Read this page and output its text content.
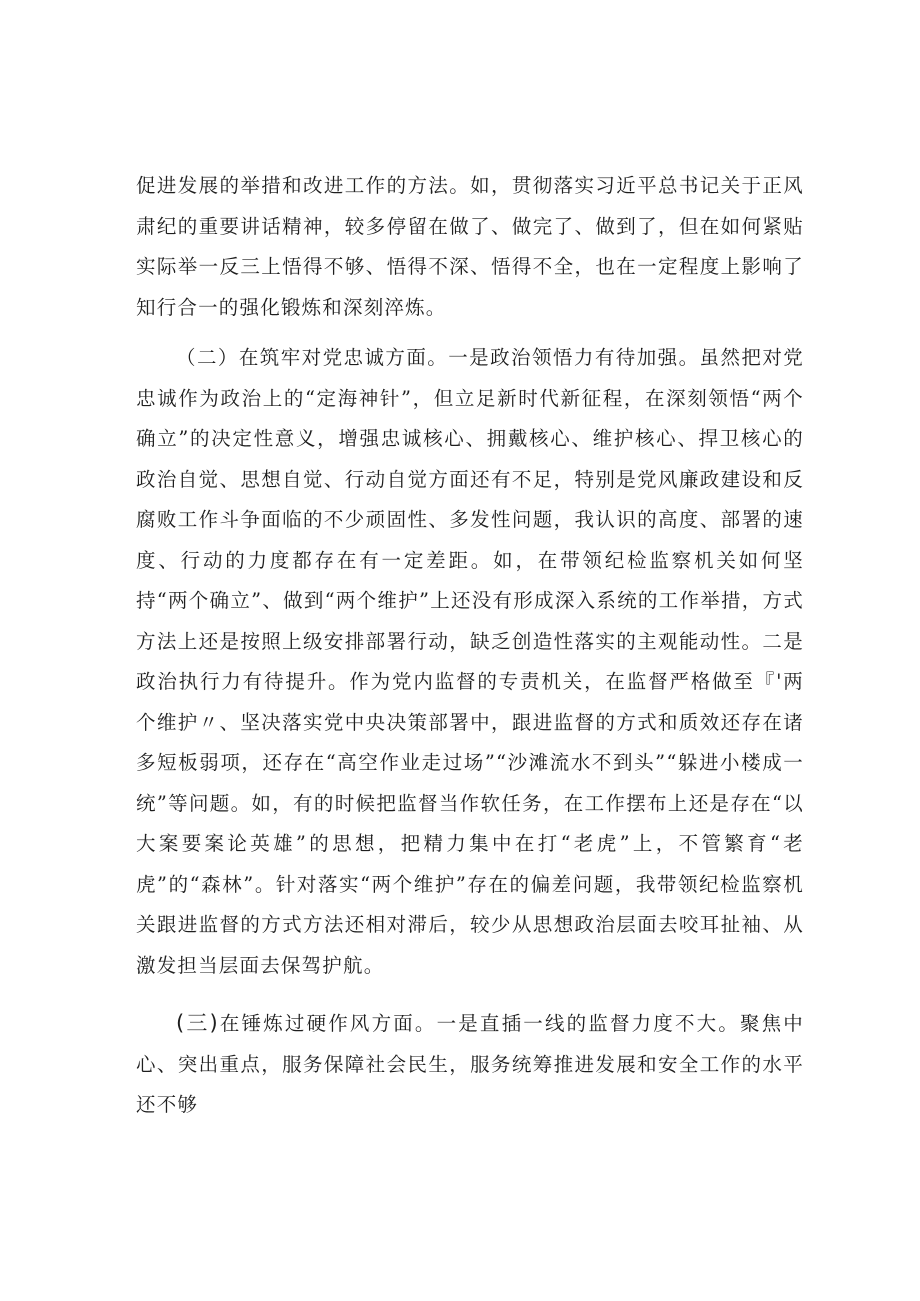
促进发展的举措和改进工作的方法。如，贯彻落实习近平总书记关于正风肃纪的重要讲话精神，较多停留在做了、做完了、做到了，但在如何紧贴实际举一反三上悟得不够、悟得不深、悟得不全，也在一定程度上影响了知行合一的强化锻炼和深刻淬炼。

（二）在筑牢对党忠诚方面。一是政治领悟力有待加强。虽然把对党忠诚作为政治上的“定海神针”，但立足新时代新征程，在深刻领悟“两个确立”的决定性意义，增强忠诚核心、拥戴核心、维护核心、捍卫核心的政治自觉、思想自觉、行动自觉方面还有不足，特别是党风廉政建设和反腐败工作斗争面临的不少顽固性、多发性问题，我认识的高度、部署的速度、行动的力度都存在有一定差距。如，在带领纪检监察机关如何坚持“两个确立”、做到“两个维护”上还没有形成深入系统的工作举措，方式方法上还是按照上级安排部署行动，缺乏创造性落实的主观能动性。二是政治执行力有待提升。作为党内监督的专责机关，在监督严格做至『'两个维护〃、坚决落实党中央决策部署中，跟进监督的方式和质效还存在诸多短板弱项，还存在“高空作业走过场”“沙滩流水不到头”“躲进小楼成一统”等问题。如，有的时候把监督当作软任务，在工作摆布上还是存在“以大案要案论英雄”的思想，把精力集中在打“老虎”上，不管繁育“老虎”的“森林”。针对落实“两个维护”存在的偏差问题，我带领纪检监察机关跟进监督的方式方法还相对滞后，较少从思想政治层面去咬耳扯袖、从激发担当层面去保驾护航。

(三)在锤炼过硬作风方面。一是直插一线的监督力度不大。聚焦中心、突出重点，服务保障社会民生，服务统筹推进发展和安全工作的水平还不够
